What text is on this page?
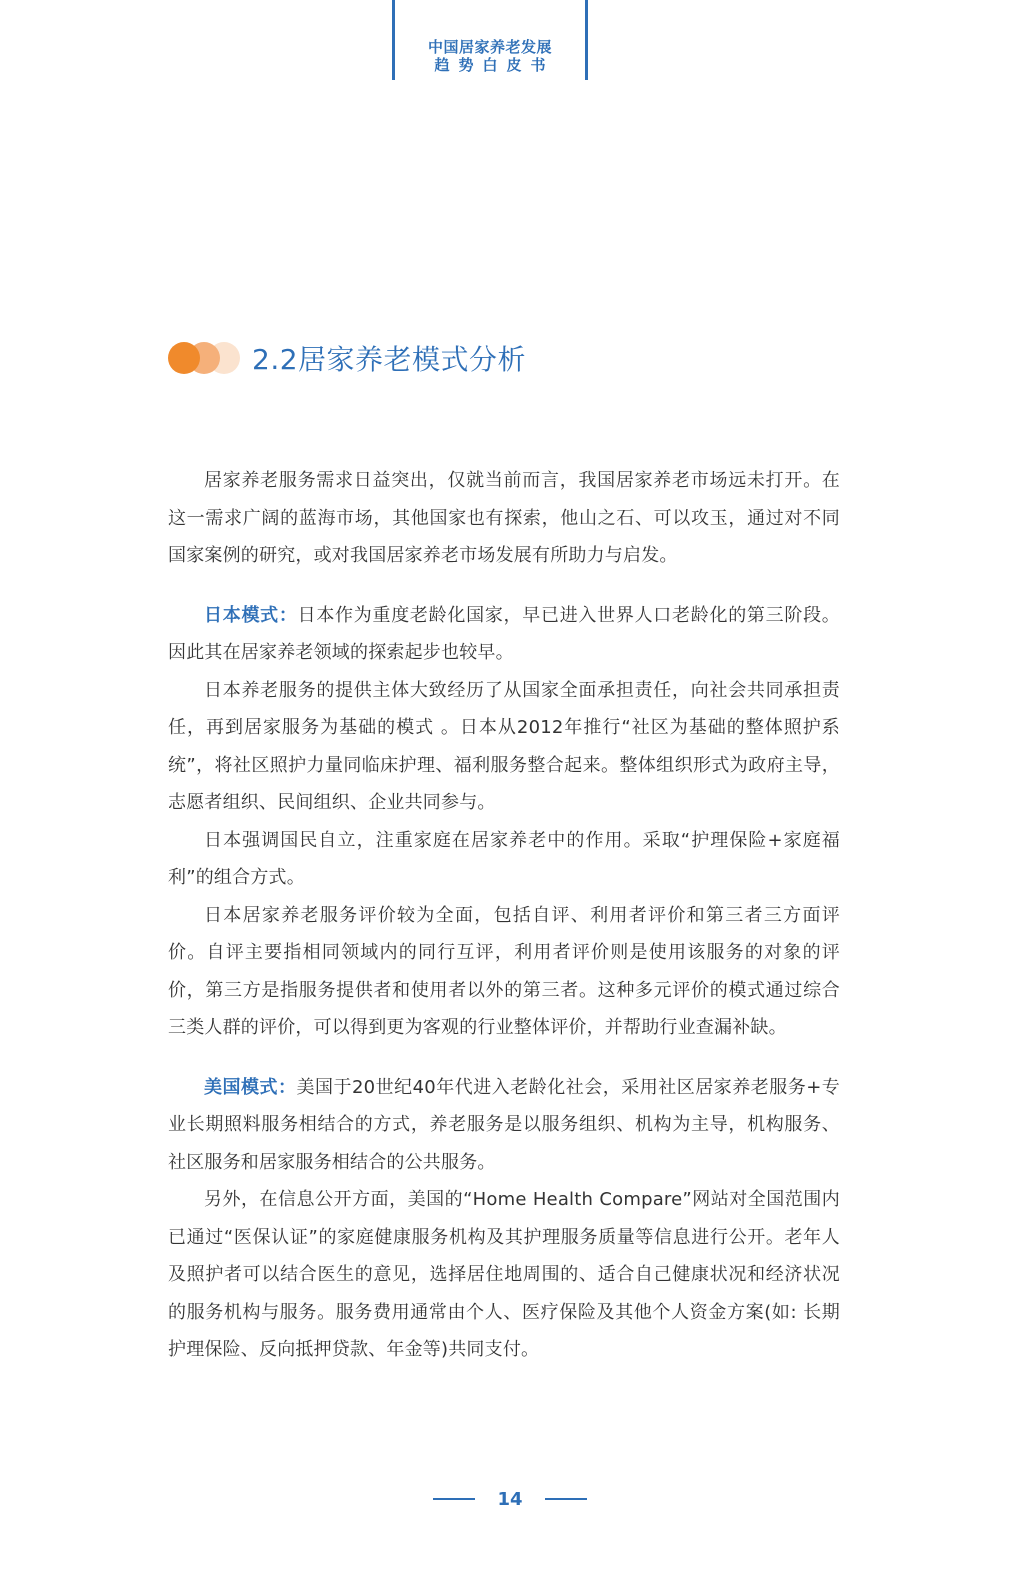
中国居家养老发展
趋势白皮书
2.2居家养老模式分析

居家养老服务需求日益突出，仅就当前而言，我国居家养老市场远未打开。在这一需求广阔的蓝海市场，其他国家也有探索，他山之石、可以攻玉，通过对不同国家案例的研究，或对我国居家养老市场发展有所助力与启发。

日本模式：日本作为重度老龄化国家，早已进入世界人口老龄化的第三阶段。因此其在居家养老领域的探索起步也较早。

日本养老服务的提供主体大致经历了从国家全面承担责任，向社会共同承担责任，再到居家服务为基础的模式 。日本从2012年推行“社区为基础的整体照护系统”，将社区照护力量同临床护理、福利服务整合起来。整体组织形式为政府主导，志愿者组织、民间组织、企业共同参与。

日本强调国民自立，注重家庭在居家养老中的作用。采取“护理保险+家庭福利”的组合方式。

日本居家养老服务评价较为全面，包括自评、利用者评价和第三者三方面评价。自评主要指相同领域内的同行互评，利用者评价则是使用该服务的对象的评价，第三方是指服务提供者和使用者以外的第三者。这种多元评价的模式通过综合三类人群的评价，可以得到更为客观的行业整体评价，并帮助行业查漏补缺。

美国模式：美国于20世纪40年代进入老龄化社会，采用社区居家养老服务+专业长期照料服务相结合的方式，养老服务是以服务组织、机构为主导，机构服务、社区服务和居家服务相结合的公共服务。

另外，在信息公开方面，美国的“Home Health Compare”网站对全国范围内已通过“医保认证”的家庭健康服务机构及其护理服务质量等信息进行公开。老年人及照护者可以结合医生的意见，选择居住地周围的、适合自己健康状况和经济状况的服务机构与服务。服务费用通常由个人、医疗保险及其他个人资金方案(如: 长期护理保险、反向抵押贷款、年金等)共同支付。

14
